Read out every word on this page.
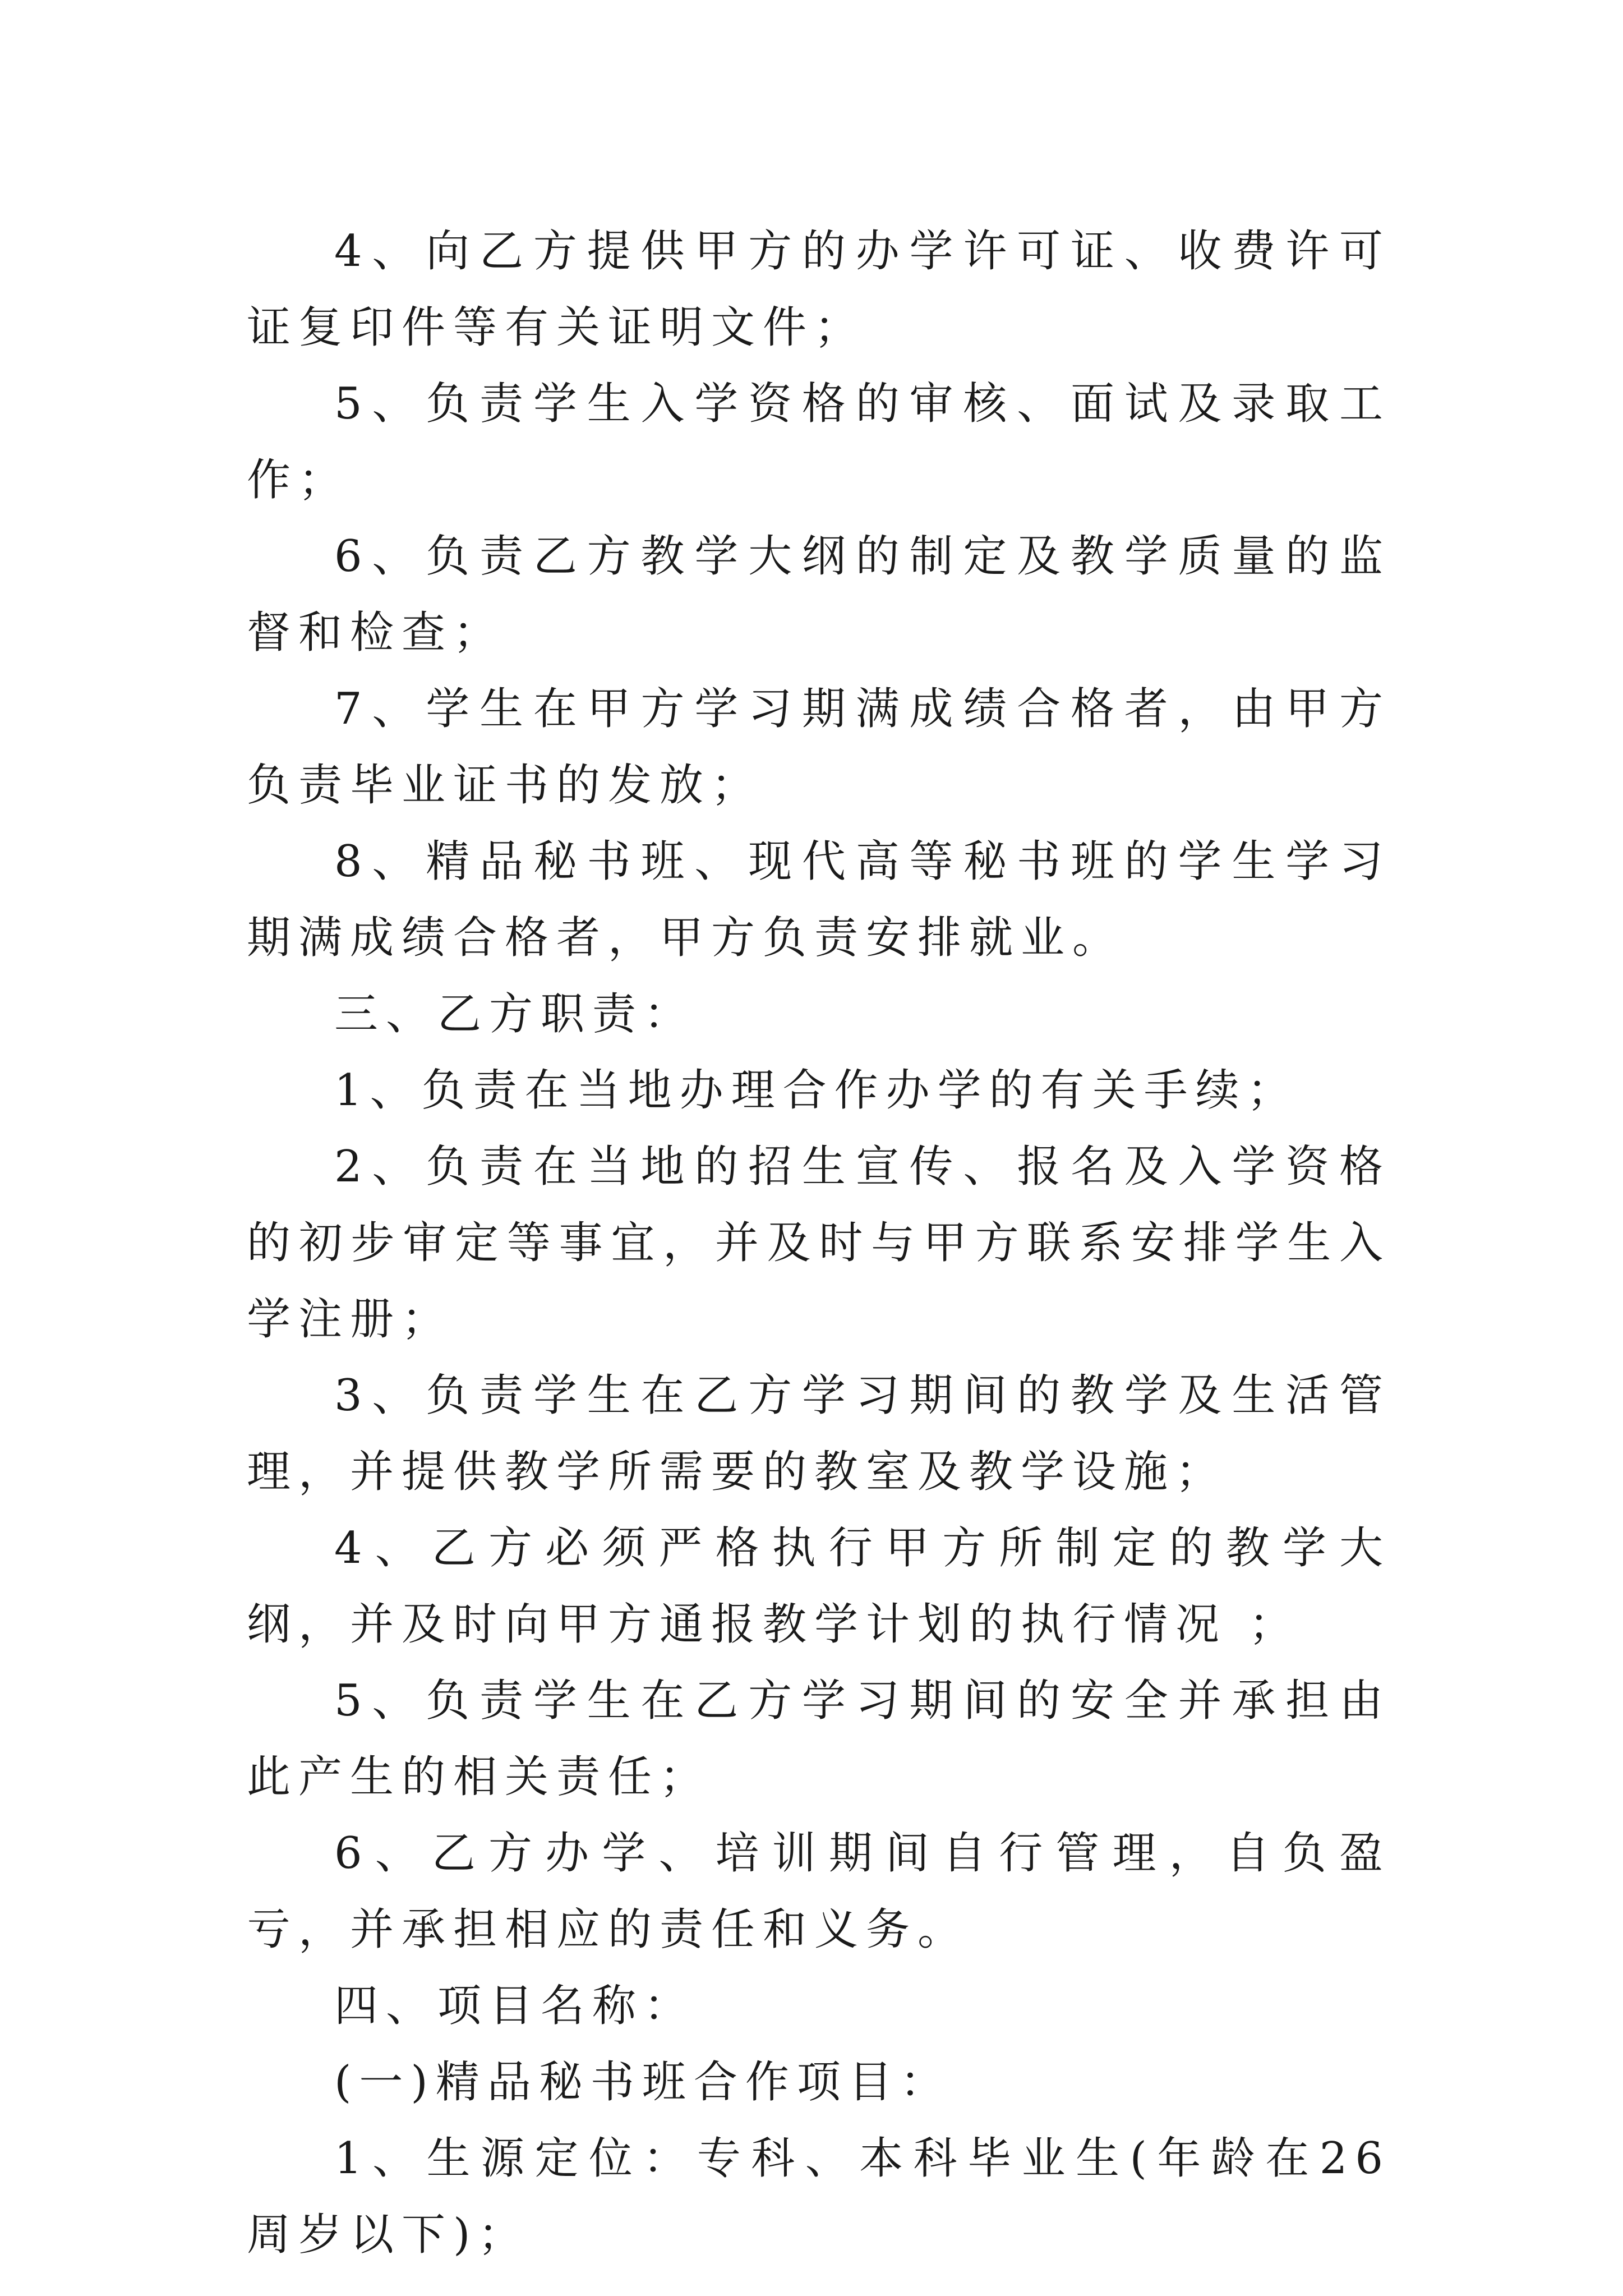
4、向乙方提供甲方的办学许可证、收费许可证复印件等有关证明文件；

5、负责学生入学资格的审核、面试及录取工作；

6、负责乙方教学大纲的制定及教学质量的监督和检查；

7、学生在甲方学习期满成绩合格者，由甲方负责毕业证书的发放；

8、精品秘书班、现代高等秘书班的学生学习期满成绩合格者，甲方负责安排就业。

三、乙方职责：

1、负责在当地办理合作办学的有关手续；

2、负责在当地的招生宣传、报名及入学资格的初步审定等事宜，并及时与甲方联系安排学生入学注册；

3、负责学生在乙方学习期间的教学及生活管理，并提供教学所需要的教室及教学设施；

4、乙方必须严格执行甲方所制定的教学大纲，并及时向甲方通报教学计划的执行情况 ；

5、负责学生在乙方学习期间的安全并承担由此产生的相关责任；

6、乙方办学、培训期间自行管理，自负盈亏，并承担相应的责任和义务。

四、项目名称：

(一)精品秘书班合作项目：

1、生源定位：专科、本科毕业生(年龄在26周岁以下)；
